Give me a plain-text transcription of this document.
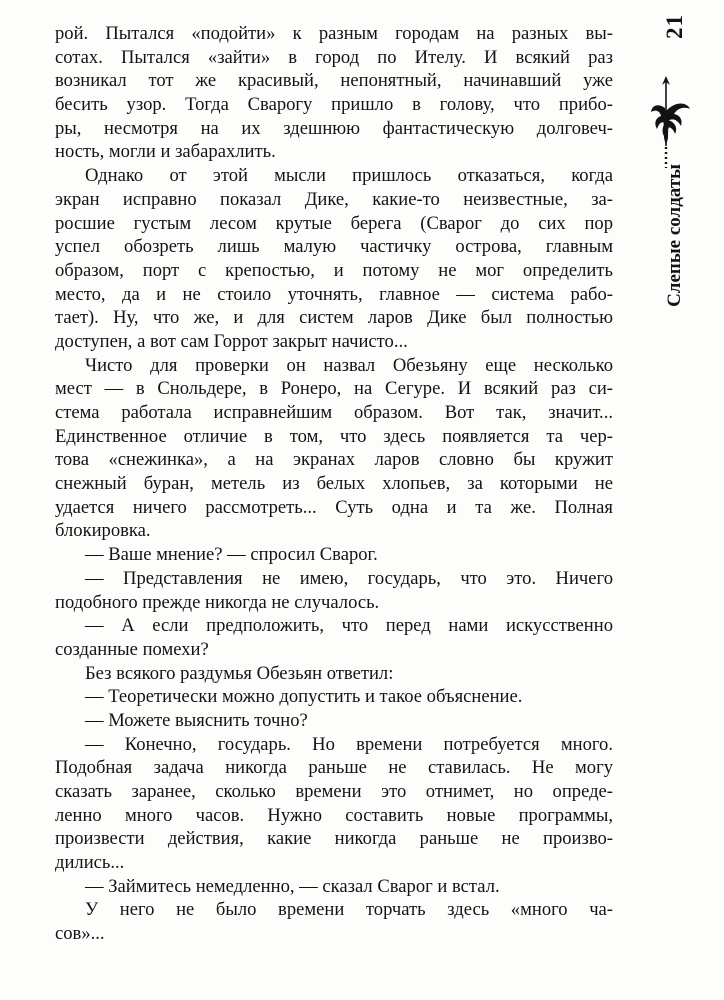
рой. Пытался «подойти» к разным городам на разных вы-
сотах. Пытался «зайти» в город по Ителу. И всякий раз
возникал тот же красивый, непонятный, начинавший уже
бесить узор. Тогда Сварогу пришло в голову, что прибо-
ры, несмотря на их здешнюю фантастическую долговеч-
ность, могли и забарахлить.
Однако от этой мысли пришлось отказаться, когда
экран исправно показал Дике, какие-то неизвестные, за-
росшие густым лесом крутые берега (Сварог до сих пор
успел обозреть лишь малую частичку острова, главным
образом, порт с крепостью, и потому не мог определить
место, да и не стоило уточнять, главное — система рабо-
тает). Ну, что же, и для систем ларов Дике был полностью
доступен, а вот сам Горрот закрыт начисто...
Чисто для проверки он назвал Обезьяну еще несколько
мест — в Снольдере, в Ронеро, на Сегуре. И всякий раз си-
стема работала исправнейшим образом. Вот так, значит...
Единственное отличие в том, что здесь появляется та чер-
това «снежинка», а на экранах ларов словно бы кружит
снежный буран, метель из белых хлопьев, за которыми не
удается ничего рассмотреть... Суть одна и та же. Полная
блокировка.
— Ваше мнение? — спросил Сварог.
— Представления не имею, государь, что это. Ничего
подобного прежде никогда не случалось.
— А если предположить, что перед нами искусственно
созданные помехи?
Без всякого раздумья Обезьян ответил:
— Теоретически можно допустить и такое объяснение.
— Можете выяснить точно?
— Конечно, государь. Но времени потребуется много.
Подобная задача никогда раньше не ставилась. Не могу
сказать заранее, сколько времени это отнимет, но опреде-
ленно много часов. Нужно составить новые программы,
произвести действия, какие никогда раньше не произво-
дились...
— Займитесь немедленно, — сказал Сварог и встал.
У него не было времени торчать здесь «много ча-
сов»...
21
Слепые солдаты
